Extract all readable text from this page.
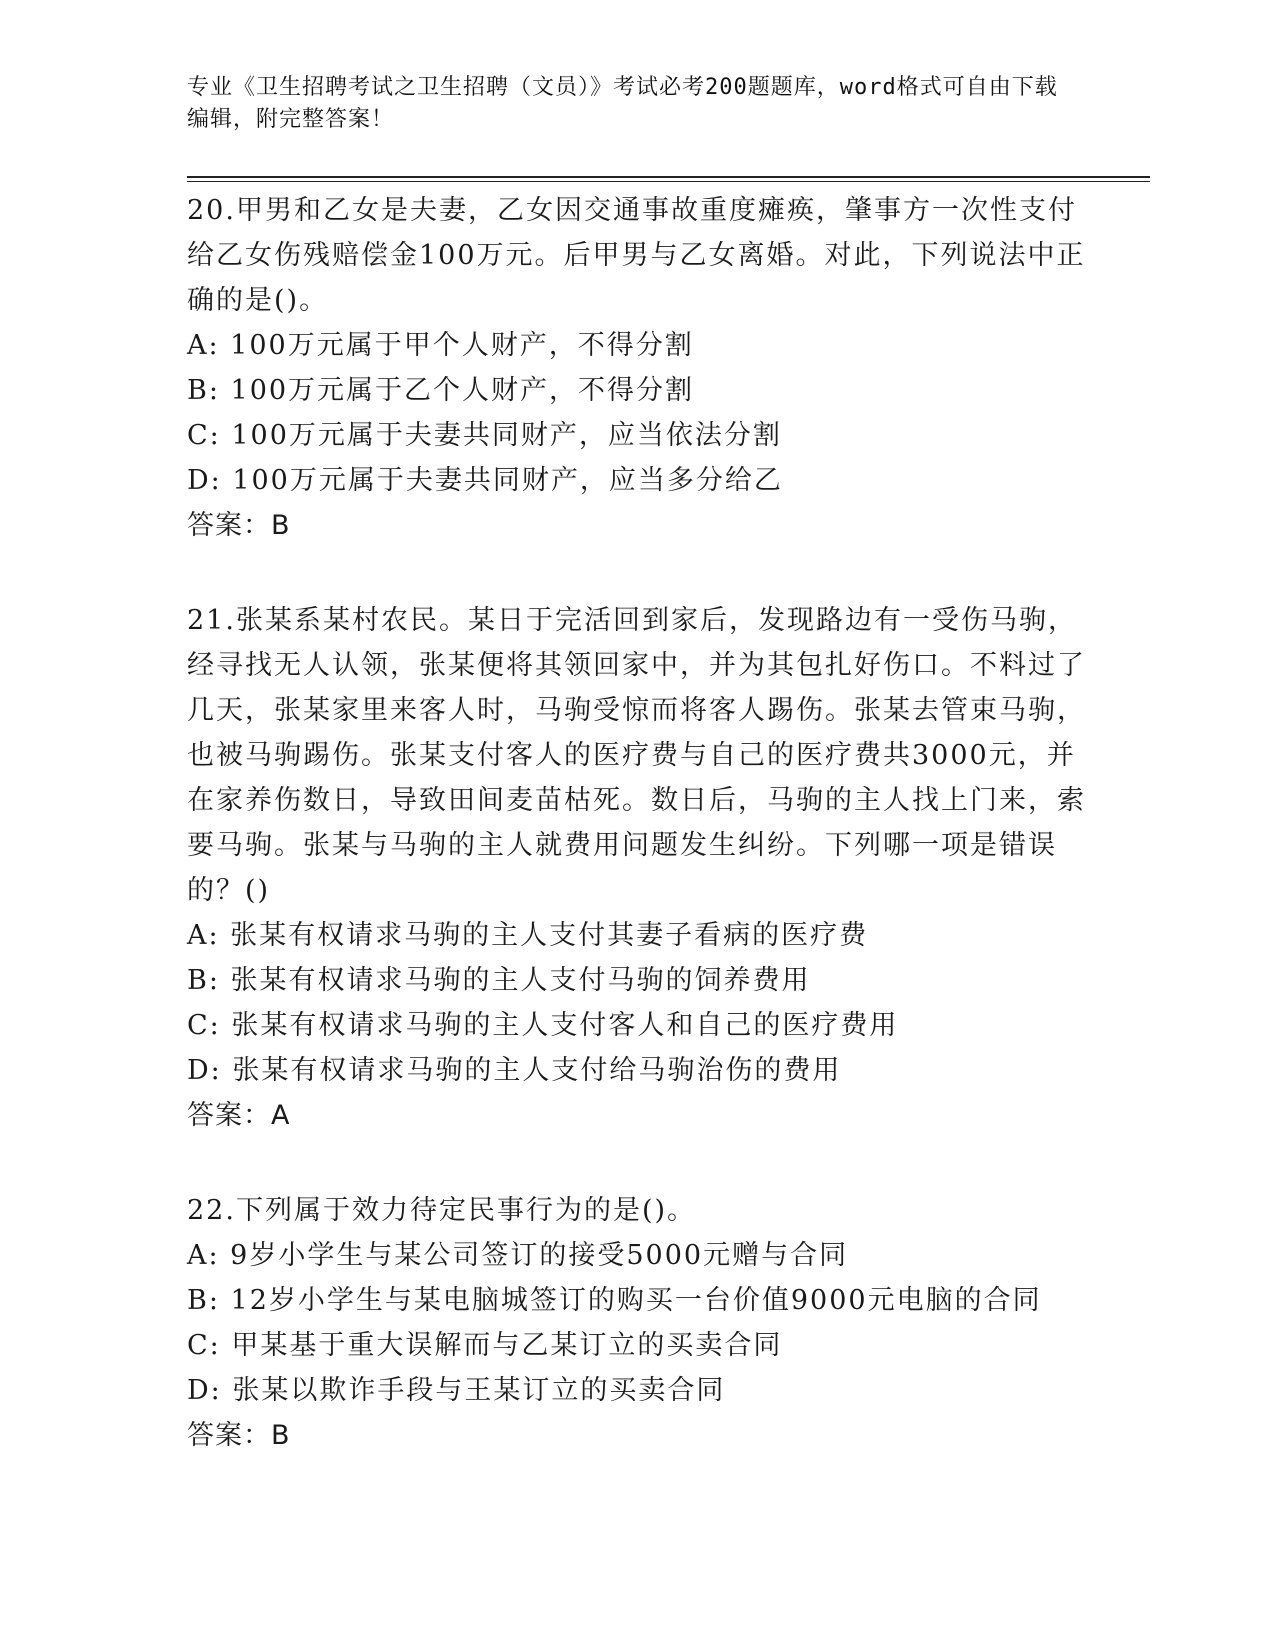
专业《卫生招聘考试之卫生招聘（文员）》考试必考200题题库，word格式可自由下载编辑，附完整答案！

20.甲男和乙女是夫妻，乙女因交通事故重度瘫痪，肇事方一次性支付给乙女伤残赔偿金100万元。后甲男与乙女离婚。对此，下列说法中正确的是()。

A: 100万元属于甲个人财产，不得分割

B: 100万元属于乙个人财产，不得分割

C: 100万元属于夫妻共同财产，应当依法分割

D: 100万元属于夫妻共同财产，应当多分给乙

答案：B

21.张某系某村农民。某日于完活回到家后，发现路边有一受伤马驹，经寻找无人认领，张某便将其领回家中，并为其包扎好伤口。不料过了几天，张某家里来客人时，马驹受惊而将客人踢伤。张某去管束马驹，也被马驹踢伤。张某支付客人的医疗费与自己的医疗费共3000元，并在家养伤数日，导致田间麦苗枯死。数日后，马驹的主人找上门来，索要马驹。张某与马驹的主人就费用问题发生纠纷。下列哪一项是错误的？()

A: 张某有权请求马驹的主人支付其妻子看病的医疗费

B: 张某有权请求马驹的主人支付马驹的饲养费用

C: 张某有权请求马驹的主人支付客人和自己的医疗费用

D: 张某有权请求马驹的主人支付给马驹治伤的费用

答案：A

22.下列属于效力待定民事行为的是()。

A: 9岁小学生与某公司签订的接受5000元赠与合同

B: 12岁小学生与某电脑城签订的购买一台价值9000元电脑的合同

C: 甲某基于重大误解而与乙某订立的买卖合同

D: 张某以欺诈手段与王某订立的买卖合同

答案：B
